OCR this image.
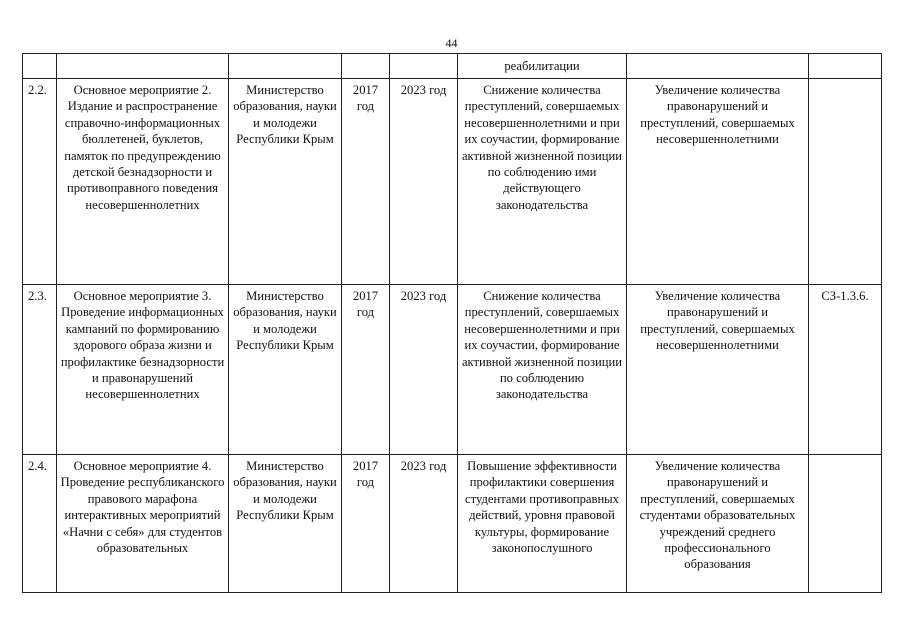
44
					реабилитации		
2.2.	Основное мероприятие 2. Издание и распространение справочно-информационных бюллетеней, буклетов, памяток по предупреждению детской безнадзорности и противоправного поведения несовершеннолетних	Министерство образования, науки и молодежи Республики Крым	2017 год	2023 год	Снижение количества преступлений, совершаемых несовершеннолетними и при их соучастии, формирование активной жизненной позиции по соблюдению ими действующего законодательства	Увеличение количества правонарушений и преступлений, совершаемых несовершеннолетними	
2.3.	Основное мероприятие 3. Проведение информационных кампаний по формированию здорового образа жизни и профилактике безнадзорности и правонарушений несовершеннолетних	Министерство образования, науки и молодежи Республики Крым	2017 год	2023 год	Снижение количества преступлений, совершаемых несовершеннолетними и при их соучастии, формирование активной жизненной позиции по соблюдению законодательства	Увеличение количества правонарушений и преступлений, совершаемых несовершеннолетними	СЗ-1.3.6.
2.4.	Основное мероприятие 4. Проведение республиканского правового марафона интерактивных мероприятий «Начни с себя» для студентов образовательных	Министерство образования, науки и молодежи Республики Крым	2017 год	2023 год	Повышение эффективности профилактики совершения студентами противоправных действий, уровня правовой культуры, формирование законопослушного	Увеличение количества правонарушений и преступлений, совершаемых студентами образовательных учреждений среднего профессионального образования	
